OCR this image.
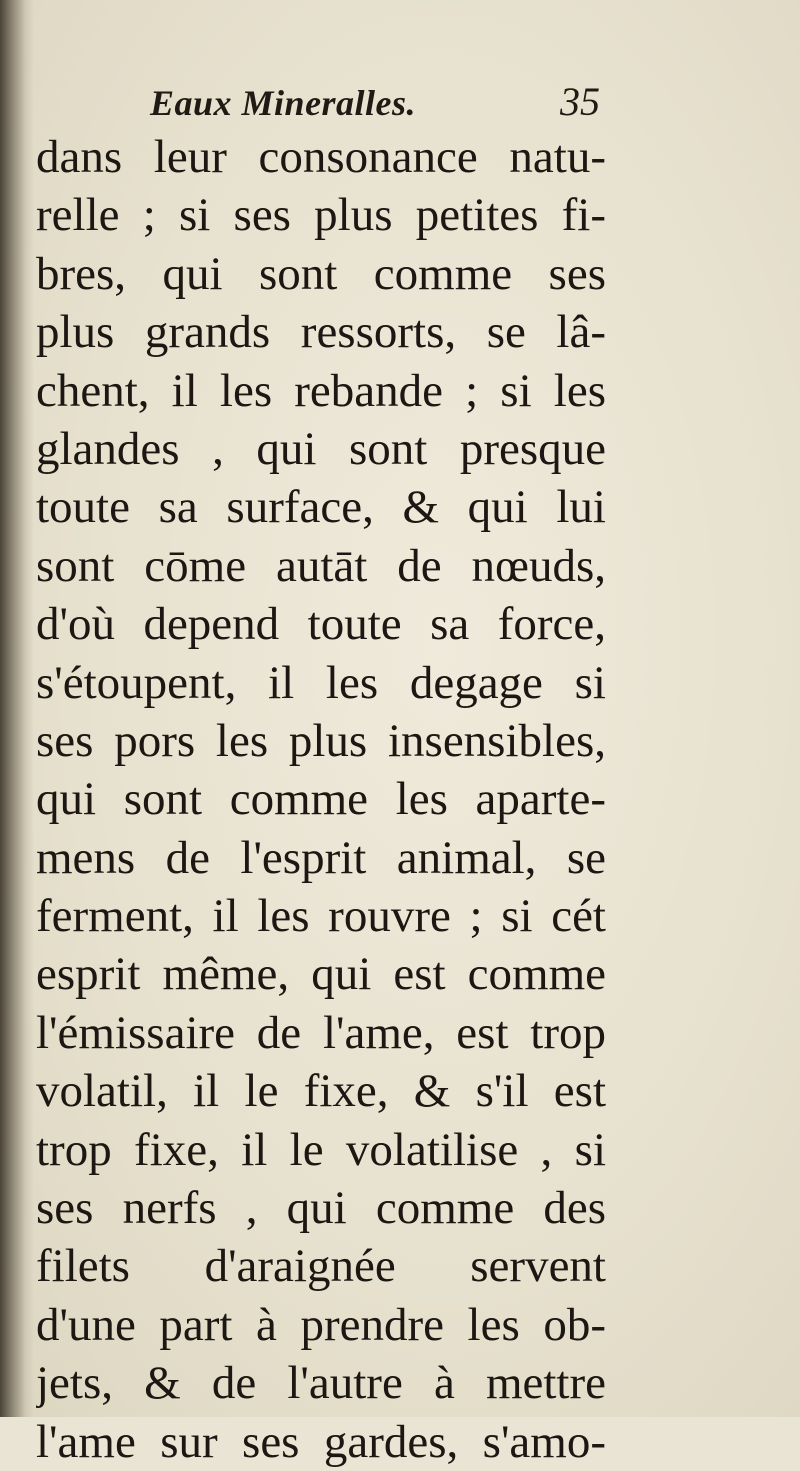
Eaux Mineralles.	35
dans leur consonance natu-
relle ; si ses plus petites fi-
bres, qui sont comme ses
plus grands ressorts, se lâ-
chent, il les rebande ; si les
glandes , qui sont presque
toute sa surface, & qui lui
sont cōme autāt de nœuds,
d'où depend toute sa force,
s'étoupent, il les degage si
ses pors les plus insensibles,
qui sont comme les aparte-
mens de l'esprit animal, se
ferment, il les rouvre ; si cét
esprit même, qui est comme
l'émissaire de l'ame, est trop
volatil, il le fixe, & s'il est
trop fixe, il le volatilise , si
ses nerfs , qui comme des
filets d'araignée servent
d'une part à prendre les ob-
jets, & de l'autre à mettre
l'ame sur ses gardes, s'amo-
